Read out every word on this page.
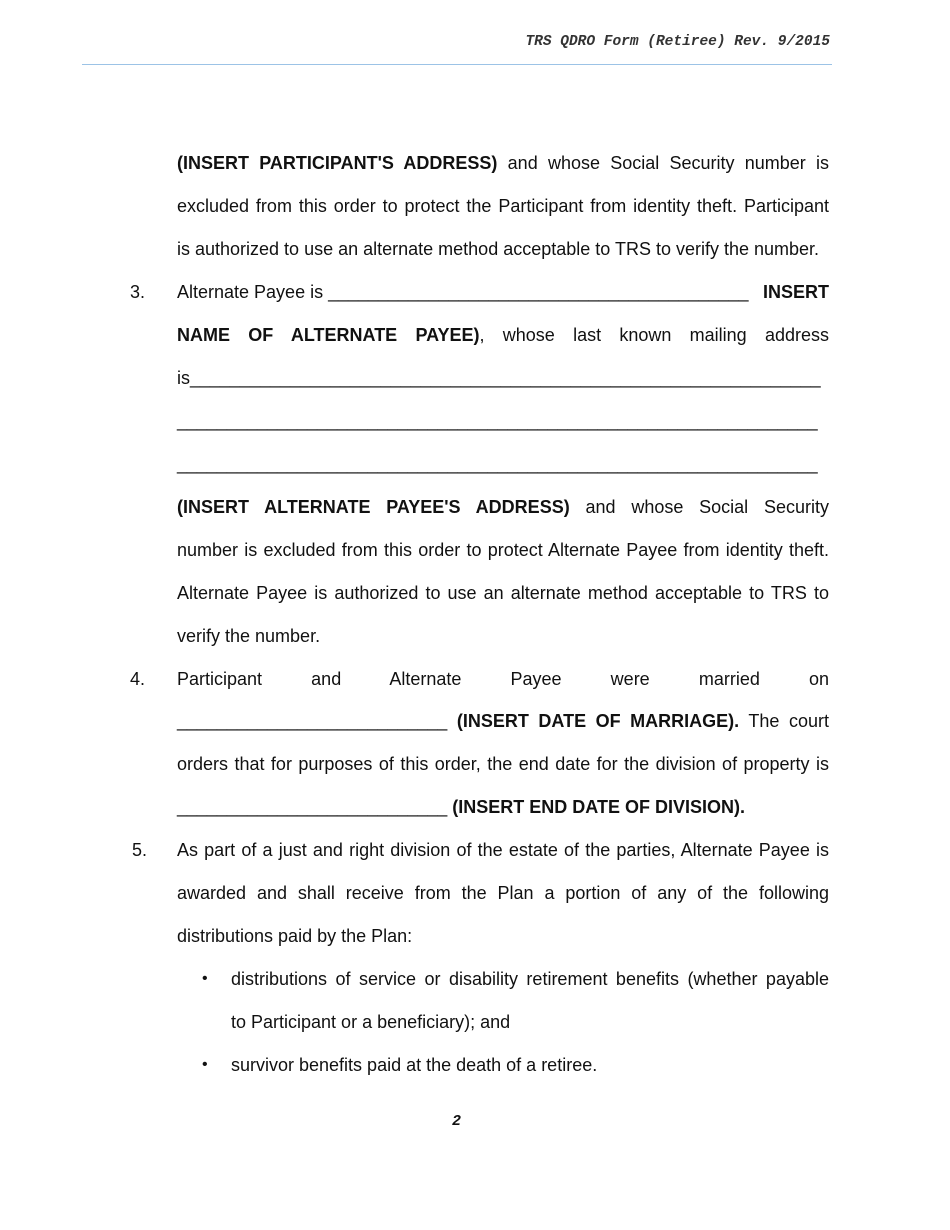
TRS QDRO Form (Retiree) Rev. 9/2015
(INSERT PARTICIPANT'S ADDRESS) and whose Social Security number is
excluded from this order to protect the Participant from identity theft. Participant
is authorized to use an alternate method acceptable to TRS to verify the number.
3. Alternate Payee is __________________________________________ INSERT
NAME OF ALTERNATE PAYEE), whose last known mailing address
is_______________________________________________________________
________________________________________________________________
________________________________________________________________
(INSERT ALTERNATE PAYEE'S ADDRESS) and whose Social Security
number is excluded from this order to protect Alternate Payee from identity theft.
Alternate Payee is authorized to use an alternate method acceptable to TRS to
verify the number.
4. Participant and Alternate Payee were married on
___________________________ (INSERT DATE OF MARRIAGE). The court
orders that for purposes of this order, the end date for the division of property is
___________________________ (INSERT END DATE OF DIVISION).
5. As part of a just and right division of the estate of the parties, Alternate Payee is
awarded and shall receive from the Plan a portion of any of the following
distributions paid by the Plan:
• distributions of service or disability retirement benefits (whether payable
to Participant or a beneficiary); and
• survivor benefits paid at the death of a retiree.
2
